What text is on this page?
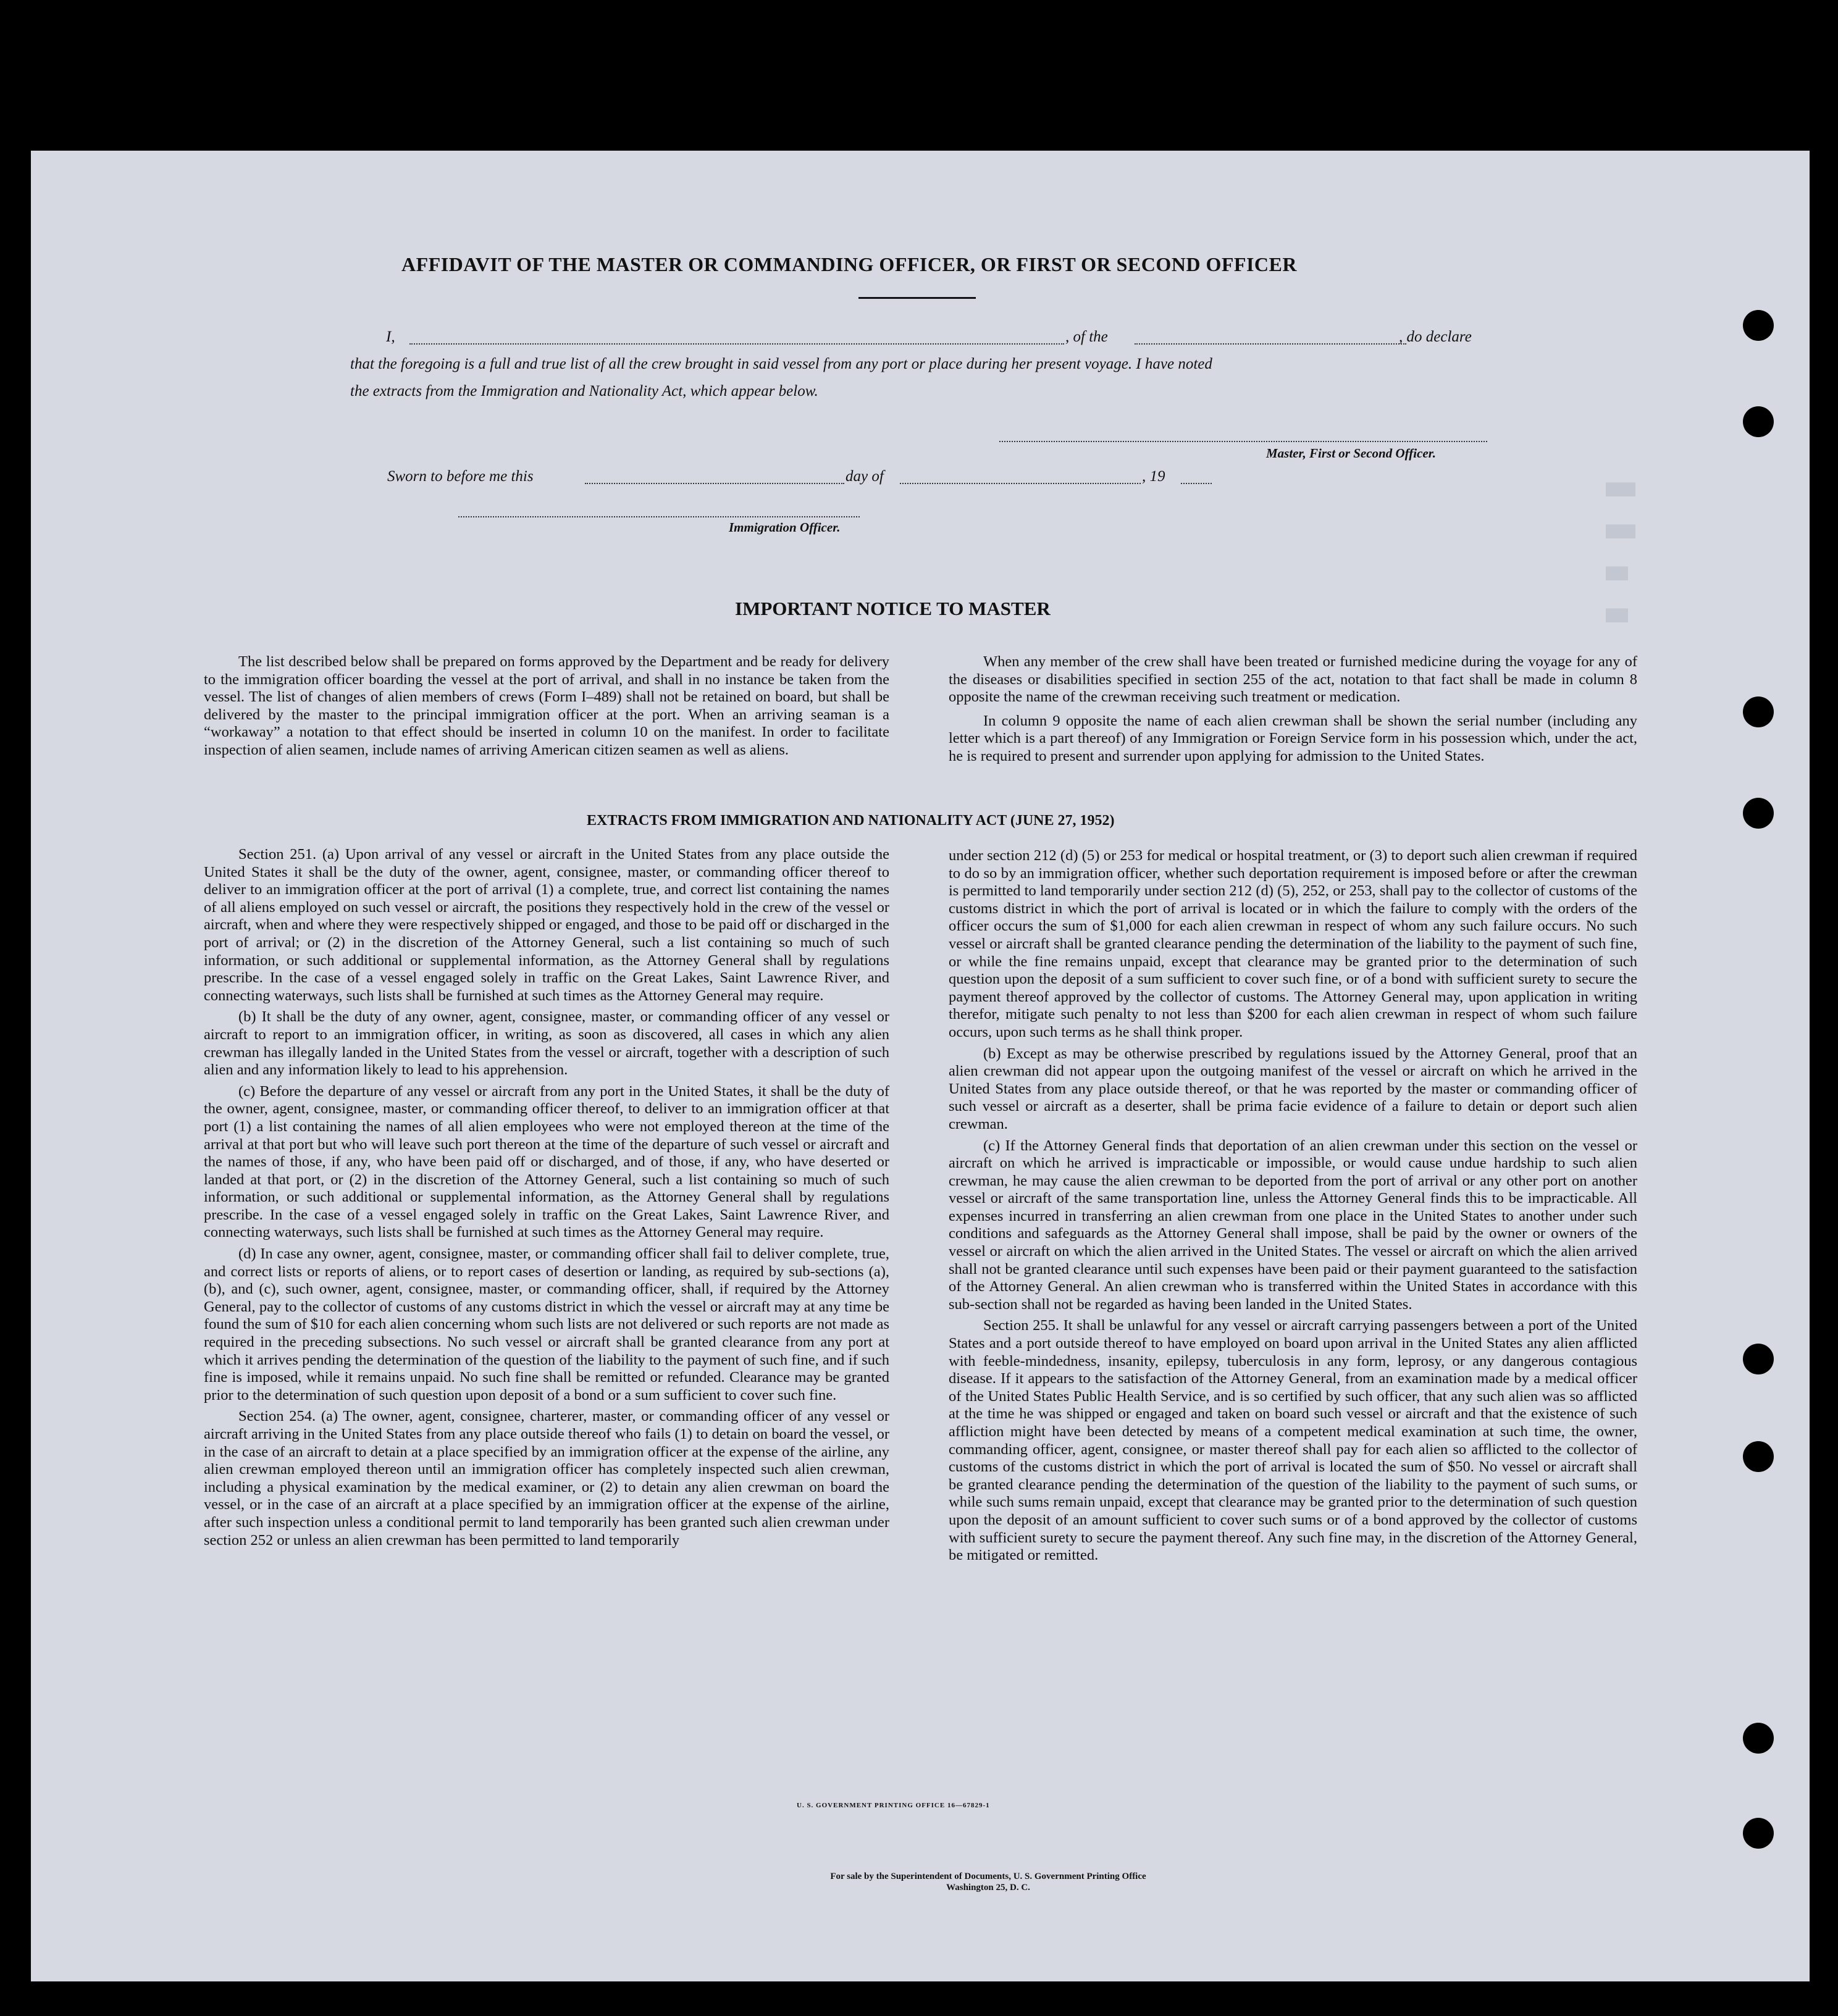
████
████
███
███
AFFIDAVIT OF THE MASTER OR COMMANDING OFFICER, OR FIRST OR SECOND OFFICER
I,	, of the	, do declare
that the foregoing is a full and true list of all the crew brought in said vessel from any port or place during her present voyage. I have noted
the extracts from the Immigration and Nationality Act, which appear below.
Master, First or Second Officer.
Sworn to before me this	day of	, 19
Immigration Officer.
IMPORTANT NOTICE TO MASTER

The list described below shall be prepared on forms approved by the Department and be ready for delivery to the immigration officer boarding the vessel at the port of arrival, and shall in no instance be taken from the vessel. The list of changes of alien members of crews (Form I–489) shall not be retained on board, but shall be delivered by the master to the principal immigration officer at the port. When an arriving seaman is a “workaway” a notation to that effect should be inserted in column 10 on the manifest. In order to facilitate inspection of alien seamen, include names of arriving American citizen seamen as well as aliens.

When any member of the crew shall have been treated or furnished medicine during the voyage for any of the diseases or disabilities specified in section 255 of the act, notation to that fact shall be made in column 8 opposite the name of the crewman receiving such treatment or medication.

In column 9 opposite the name of each alien crewman shall be shown the serial number (including any letter which is a part thereof) of any Immigration or Foreign Service form in his possession which, under the act, he is required to present and surrender upon applying for admission to the United States.

EXTRACTS FROM IMMIGRATION AND NATIONALITY ACT (JUNE 27, 1952)

Section 251. (a) Upon arrival of any vessel or aircraft in the United States from any place outside the United States it shall be the duty of the owner, agent, consignee, master, or commanding officer thereof to deliver to an immigration officer at the port of arrival (1) a complete, true, and correct list containing the names of all aliens employed on such vessel or aircraft, the positions they respectively hold in the crew of the vessel or aircraft, when and where they were respectively shipped or engaged, and those to be paid off or discharged in the port of arrival; or (2) in the discretion of the Attorney General, such a list containing so much of such information, or such additional or supplemental information, as the Attorney General shall by regulations prescribe. In the case of a vessel engaged solely in traffic on the Great Lakes, Saint Lawrence River, and connecting waterways, such lists shall be furnished at such times as the Attorney General may require.

(b) It shall be the duty of any owner, agent, consignee, master, or commanding officer of any vessel or aircraft to report to an immigration officer, in writing, as soon as discovered, all cases in which any alien crewman has illegally landed in the United States from the vessel or aircraft, together with a description of such alien and any information likely to lead to his apprehension.

(c) Before the departure of any vessel or aircraft from any port in the United States, it shall be the duty of the owner, agent, consignee, master, or commanding officer thereof, to deliver to an immigration officer at that port (1) a list containing the names of all alien employees who were not employed thereon at the time of the arrival at that port but who will leave such port thereon at the time of the departure of such vessel or aircraft and the names of those, if any, who have been paid off or discharged, and of those, if any, who have deserted or landed at that port, or (2) in the discretion of the Attorney General, such a list containing so much of such information, or such additional or supplemental information, as the Attorney General shall by regulations prescribe. In the case of a vessel engaged solely in traffic on the Great Lakes, Saint Lawrence River, and connecting waterways, such lists shall be furnished at such times as the Attorney General may require.

(d) In case any owner, agent, consignee, master, or commanding officer shall fail to deliver complete, true, and correct lists or reports of aliens, or to report cases of desertion or landing, as required by sub-sections (a), (b), and (c), such owner, agent, consignee, master, or commanding officer, shall, if required by the Attorney General, pay to the collector of customs of any customs district in which the vessel or aircraft may at any time be found the sum of $10 for each alien concerning whom such lists are not delivered or such reports are not made as required in the preceding subsections. No such vessel or aircraft shall be granted clearance from any port at which it arrives pending the determination of the question of the liability to the payment of such fine, and if such fine is imposed, while it remains unpaid. No such fine shall be remitted or refunded. Clearance may be granted prior to the determination of such question upon deposit of a bond or a sum sufficient to cover such fine.

Section 254. (a) The owner, agent, consignee, charterer, master, or commanding officer of any vessel or aircraft arriving in the United States from any place outside thereof who fails (1) to detain on board the vessel, or in the case of an aircraft to detain at a place specified by an immigration officer at the expense of the airline, any alien crewman employed thereon until an immigration officer has completely inspected such alien crewman, including a physical examination by the medical examiner, or (2) to detain any alien crewman on board the vessel, or in the case of an aircraft at a place specified by an immigration officer at the expense of the airline, after such inspection unless a conditional permit to land temporarily has been granted such alien crewman under section 252 or unless an alien crewman has been permitted to land temporarily

under section 212 (d) (5) or 253 for medical or hospital treatment, or (3) to deport such alien crewman if required to do so by an immigration officer, whether such deportation requirement is imposed before or after the crewman is permitted to land temporarily under section 212 (d) (5), 252, or 253, shall pay to the collector of customs of the customs district in which the port of arrival is located or in which the failure to comply with the orders of the officer occurs the sum of $1,000 for each alien crewman in respect of whom any such failure occurs. No such vessel or aircraft shall be granted clearance pending the determination of the liability to the payment of such fine, or while the fine remains unpaid, except that clearance may be granted prior to the determination of such question upon the deposit of a sum sufficient to cover such fine, or of a bond with sufficient surety to secure the payment thereof approved by the collector of customs. The Attorney General may, upon application in writing therefor, mitigate such penalty to not less than $200 for each alien crewman in respect of whom such failure occurs, upon such terms as he shall think proper.

(b) Except as may be otherwise prescribed by regulations issued by the Attorney General, proof that an alien crewman did not appear upon the outgoing manifest of the vessel or aircraft on which he arrived in the United States from any place outside thereof, or that he was reported by the master or commanding officer of such vessel or aircraft as a deserter, shall be prima facie evidence of a failure to detain or deport such alien crewman.

(c) If the Attorney General finds that deportation of an alien crewman under this section on the vessel or aircraft on which he arrived is impracticable or impossible, or would cause undue hardship to such alien crewman, he may cause the alien crewman to be deported from the port of arrival or any other port on another vessel or aircraft of the same transportation line, unless the Attorney General finds this to be impracticable. All expenses incurred in transferring an alien crewman from one place in the United States to another under such conditions and safeguards as the Attorney General shall impose, shall be paid by the owner or owners of the vessel or aircraft on which the alien arrived in the United States. The vessel or aircraft on which the alien arrived shall not be granted clearance until such expenses have been paid or their payment guaranteed to the satisfaction of the Attorney General. An alien crewman who is transferred within the United States in accordance with this sub-section shall not be regarded as having been landed in the United States.

Section 255. It shall be unlawful for any vessel or aircraft carrying passengers between a port of the United States and a port outside thereof to have employed on board upon arrival in the United States any alien afflicted with feeble-mindedness, insanity, epilepsy, tuberculosis in any form, leprosy, or any dangerous contagious disease. If it appears to the satisfaction of the Attorney General, from an examination made by a medical officer of the United States Public Health Service, and is so certified by such officer, that any such alien was so afflicted at the time he was shipped or engaged and taken on board such vessel or aircraft and that the existence of such affliction might have been detected by means of a competent medical examination at such time, the owner, commanding officer, agent, consignee, or master thereof shall pay for each alien so afflicted to the collector of customs of the customs district in which the port of arrival is located the sum of $50. No vessel or aircraft shall be granted clearance pending the determination of the question of the liability to the payment of such sums, or while such sums remain unpaid, except that clearance may be granted prior to the determination of such question upon the deposit of an amount sufficient to cover such sums or of a bond approved by the collector of customs with sufficient surety to secure the payment thereof. Any such fine may, in the discretion of the Attorney General, be mitigated or remitted.

U. S. GOVERNMENT PRINTING OFFICE 16—67829-1
For sale by the Superintendent of Documents, U. S. Government Printing Office
Washington 25, D. C.
